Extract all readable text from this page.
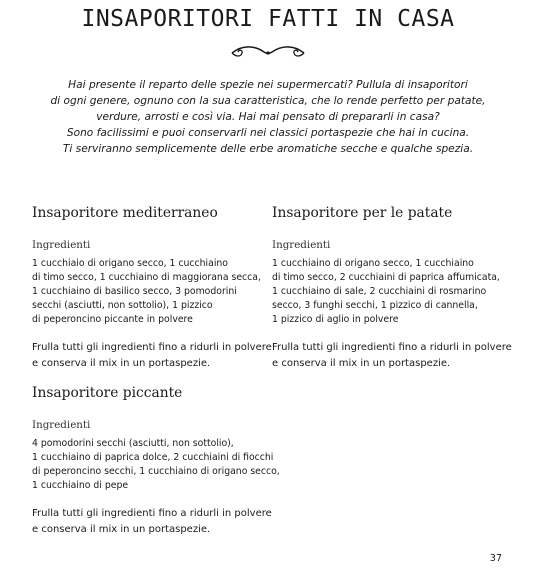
INSAPORITORI FATTI IN CASA

Hai presente il reparto delle spezie nei supermercati? Pullula di insaporitori
di ogni genere, ognuno con la sua caratteristica, che lo rende perfetto per patate,
verdure, arrosti e così via. Hai mai pensato di prepararli in casa?
Sono facilissimi e puoi conservarli nei classici portaspezie che hai in cucina.
Ti serviranno semplicemente delle erbe aromatiche secche e qualche spezia.

Insaporitore mediterraneo

Ingredienti

1 cucchiaio di origano secco, 1 cucchiaino
di timo secco, 1 cucchiaino di maggiorana secca,
1 cucchiaino di basilico secco, 3 pomodorini
secchi (asciutti, non sottolio), 1 pizzico
di peperoncino piccante in polvere

Frulla tutti gli ingredienti fino a ridurli in polvere
e conserva il mix in un portaspezie.

Insaporitore per le patate

Ingredienti

1 cucchiaino di origano secco, 1 cucchiaino
di timo secco, 2 cucchiaini di paprica affumicata,
1 cucchiaino di sale, 2 cucchiaini di rosmarino
secco, 3 funghi secchi, 1 pizzico di cannella,
1 pizzico di aglio in polvere

Frulla tutti gli ingredienti fino a ridurli in polvere
e conserva il mix in un portaspezie.

Insaporitore piccante

Ingredienti

4 pomodorini secchi (asciutti, non sottolio),
1 cucchiaino di paprica dolce, 2 cucchiaini di fiocchi
di peperoncino secchi, 1 cucchiaino di origano secco,
1 cucchiaino di pepe

Frulla tutti gli ingredienti fino a ridurli in polvere
e conserva il mix in un portaspezie.

37
